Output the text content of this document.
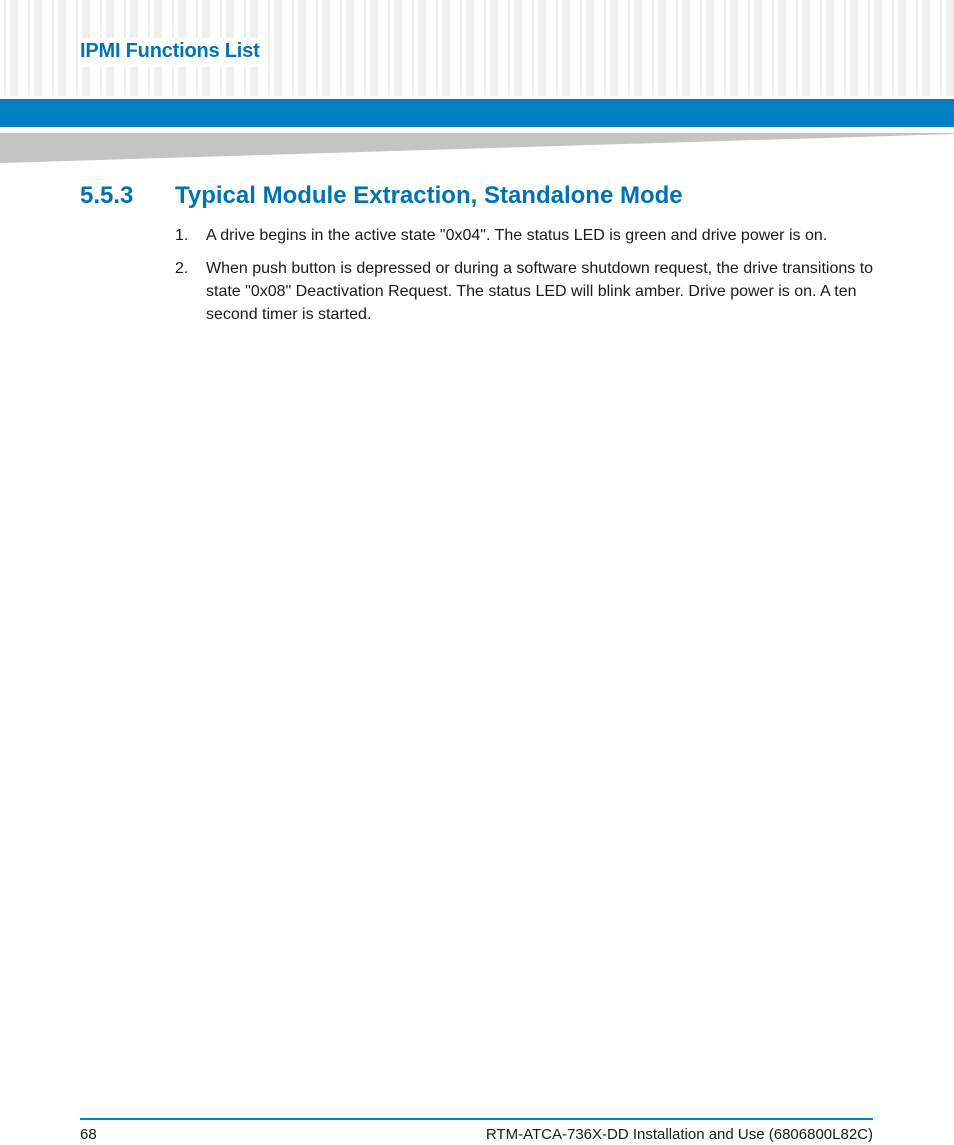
IPMI Functions List
5.5.3 Typical Module Extraction, Standalone Mode
1. A drive begins in the active state "0x04". The status LED is green and drive power is on.
2. When push button is depressed or during a software shutdown request, the drive transitions to state "0x08" Deactivation Request. The status LED will blink amber. Drive power is on. A ten second timer is started.
68	RTM-ATCA-736X-DD Installation and Use (6806800L82C)
